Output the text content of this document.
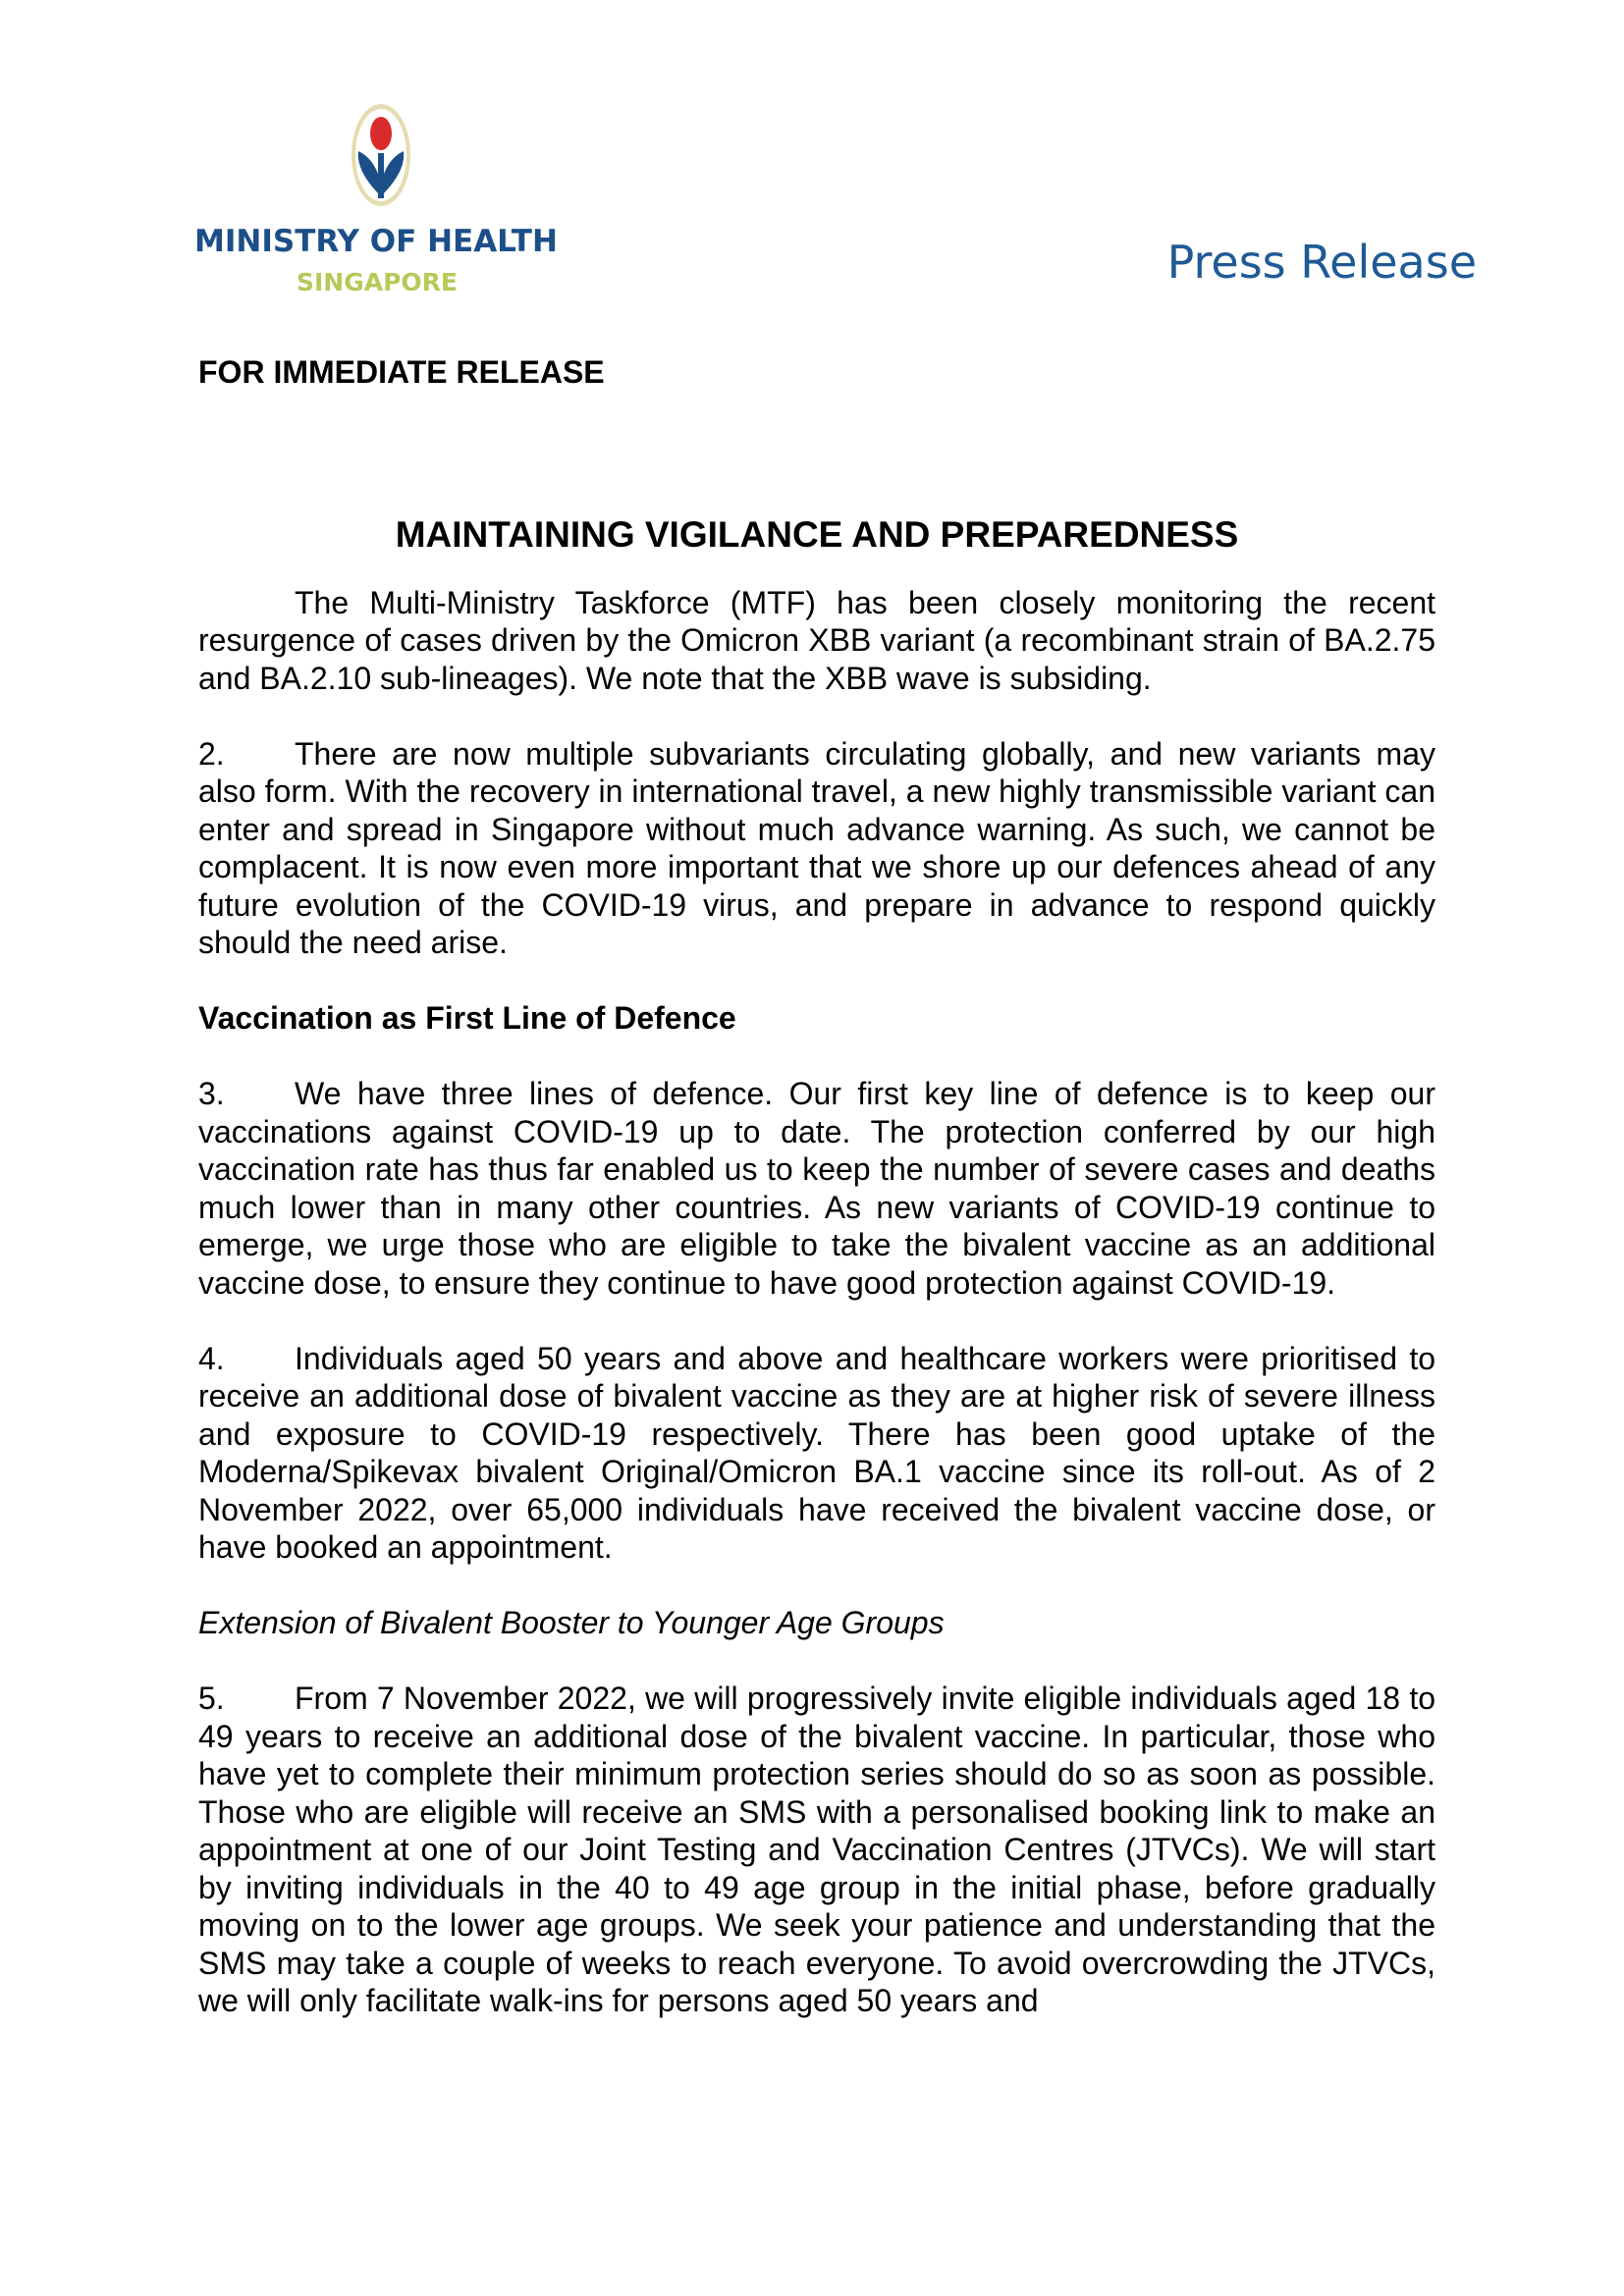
MINISTRY OF HEALTH
SINGAPORE	Press Release

FOR IMMEDIATE RELEASE

MAINTAINING VIGILANCE AND PREPAREDNESS

The Multi-Ministry Taskforce (MTF) has been closely monitoring the recent resurgence of cases driven by the Omicron XBB variant (a recombinant strain of BA.2.75 and BA.2.10 sub-lineages). We note that the XBB wave is subsiding.

2. There are now multiple subvariants circulating globally, and new variants may also form. With the recovery in international travel, a new highly transmissible variant can enter and spread in Singapore without much advance warning. As such, we cannot be complacent. It is now even more important that we shore up our defences ahead of any future evolution of the COVID-19 virus, and prepare in advance to respond quickly should the need arise.

Vaccination as First Line of Defence

3. We have three lines of defence. Our first key line of defence is to keep our vaccinations against COVID-19 up to date. The protection conferred by our high vaccination rate has thus far enabled us to keep the number of severe cases and deaths much lower than in many other countries. As new variants of COVID-19 continue to emerge, we urge those who are eligible to take the bivalent vaccine as an additional vaccine dose, to ensure they continue to have good protection against COVID-19.

4. Individuals aged 50 years and above and healthcare workers were prioritised to receive an additional dose of bivalent vaccine as they are at higher risk of severe illness and exposure to COVID-19 respectively. There has been good uptake of the Moderna/Spikevax bivalent Original/Omicron BA.1 vaccine since its roll-out. As of 2 November 2022, over 65,000 individuals have received the bivalent vaccine dose, or have booked an appointment.

Extension of Bivalent Booster to Younger Age Groups

5. From 7 November 2022, we will progressively invite eligible individuals aged 18 to 49 years to receive an additional dose of the bivalent vaccine. In particular, those who have yet to complete their minimum protection series should do so as soon as possible. Those who are eligible will receive an SMS with a personalised booking link to make an appointment at one of our Joint Testing and Vaccination Centres (JTVCs). We will start by inviting individuals in the 40 to 49 age group in the initial phase, before gradually moving on to the lower age groups. We seek your patience and understanding that the SMS may take a couple of weeks to reach everyone. To avoid overcrowding the JTVCs, we will only facilitate walk-ins for persons aged 50 years and
